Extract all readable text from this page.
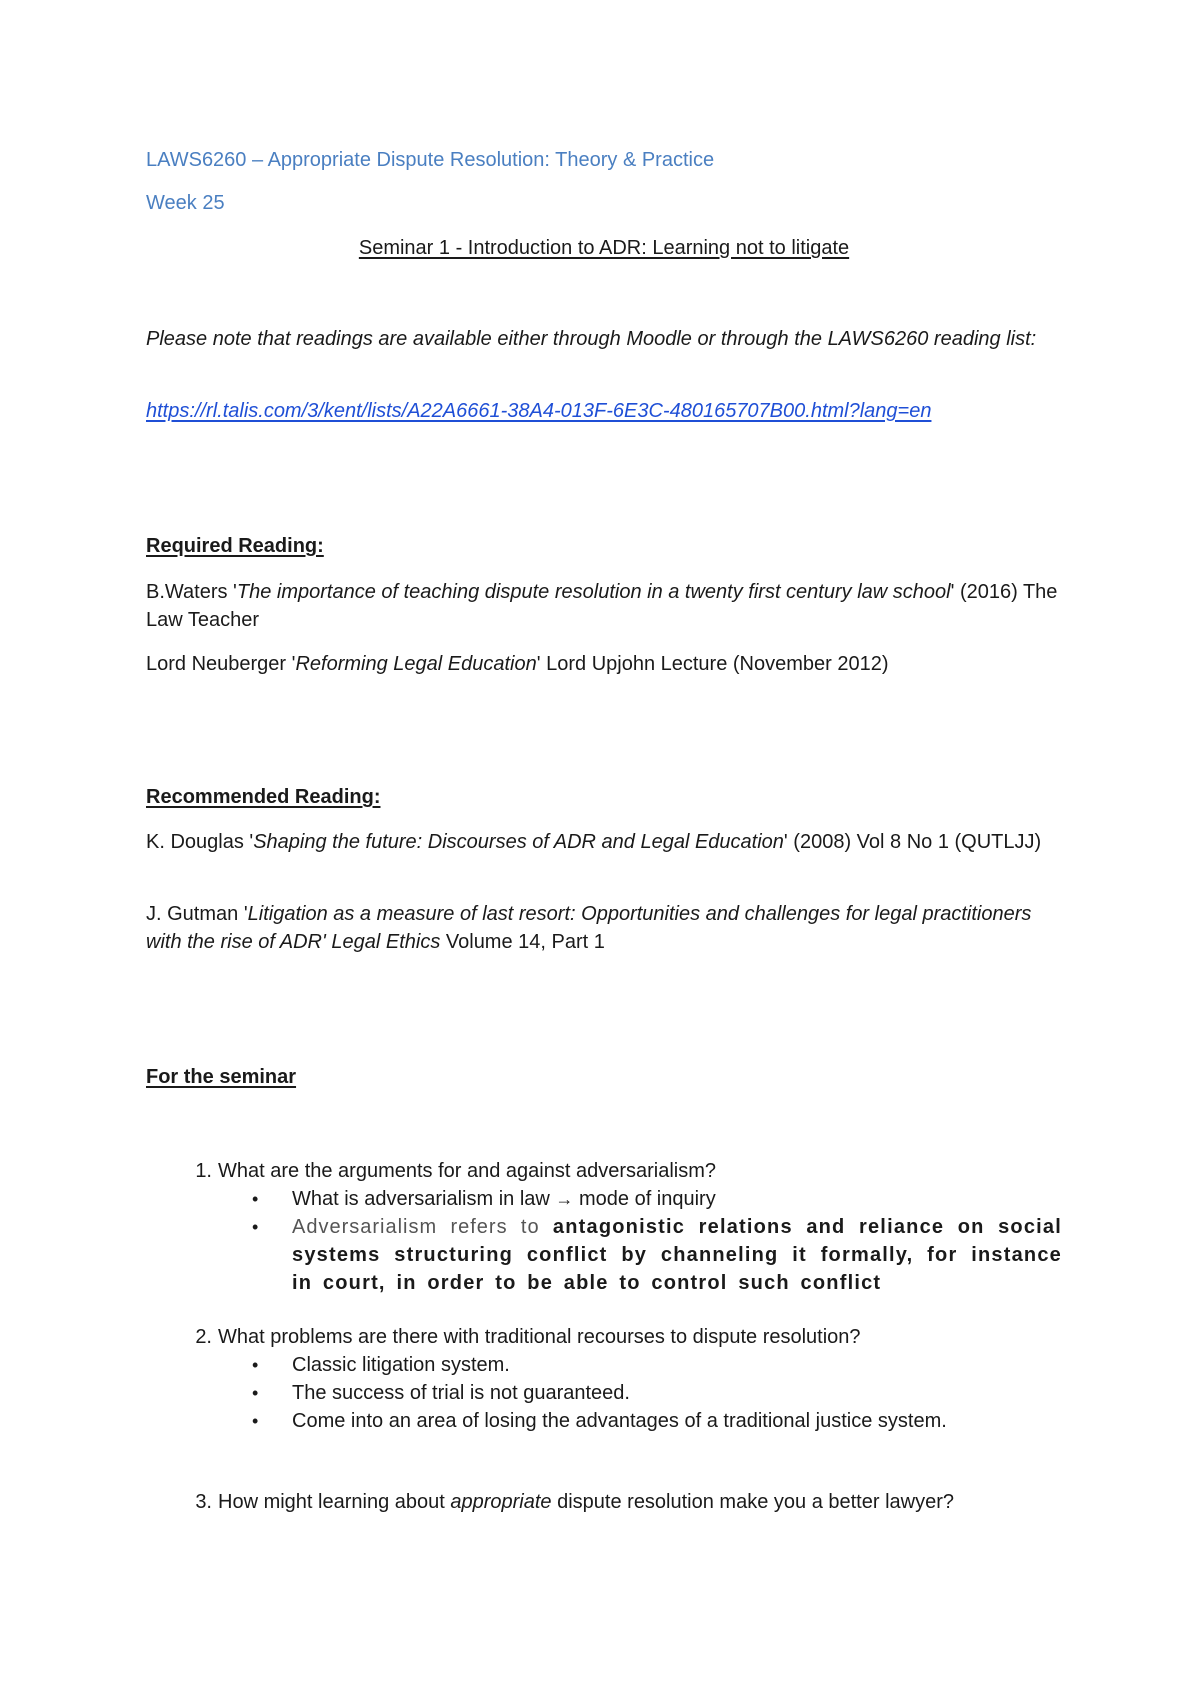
LAWS6260 – Appropriate Dispute Resolution: Theory & Practice
Week 25
Seminar 1 - Introduction to ADR: Learning not to litigate
Please note that readings are available either through Moodle or through the LAWS6260 reading list:
https://rl.talis.com/3/kent/lists/A22A6661-38A4-013F-6E3C-480165707B00.html?lang=en
Required Reading:
B.Waters 'The importance of teaching dispute resolution in a twenty first century law school' (2016) The Law Teacher
Lord Neuberger 'Reforming Legal Education' Lord Upjohn Lecture (November 2012)
Recommended Reading:
K. Douglas 'Shaping the future: Discourses of ADR and Legal Education' (2008) Vol 8 No 1 (QUTLJJ)
J. Gutman 'Litigation as a measure of last resort: Opportunities and challenges for legal practitioners with the rise of ADR' Legal Ethics Volume 14, Part 1
For the seminar
1. What are the arguments for and against adversarialism?
• What is adversarialism in law → mode of inquiry
• Adversarialism refers to antagonistic relations and reliance on social systems structuring conflict by channeling it formally, for instance in court, in order to be able to control such conflict
2. What problems are there with traditional recourses to dispute resolution?
• Classic litigation system.
• The success of trial is not guaranteed.
• Come into an area of losing the advantages of a traditional justice system.
3. How might learning about appropriate dispute resolution make you a better lawyer?
